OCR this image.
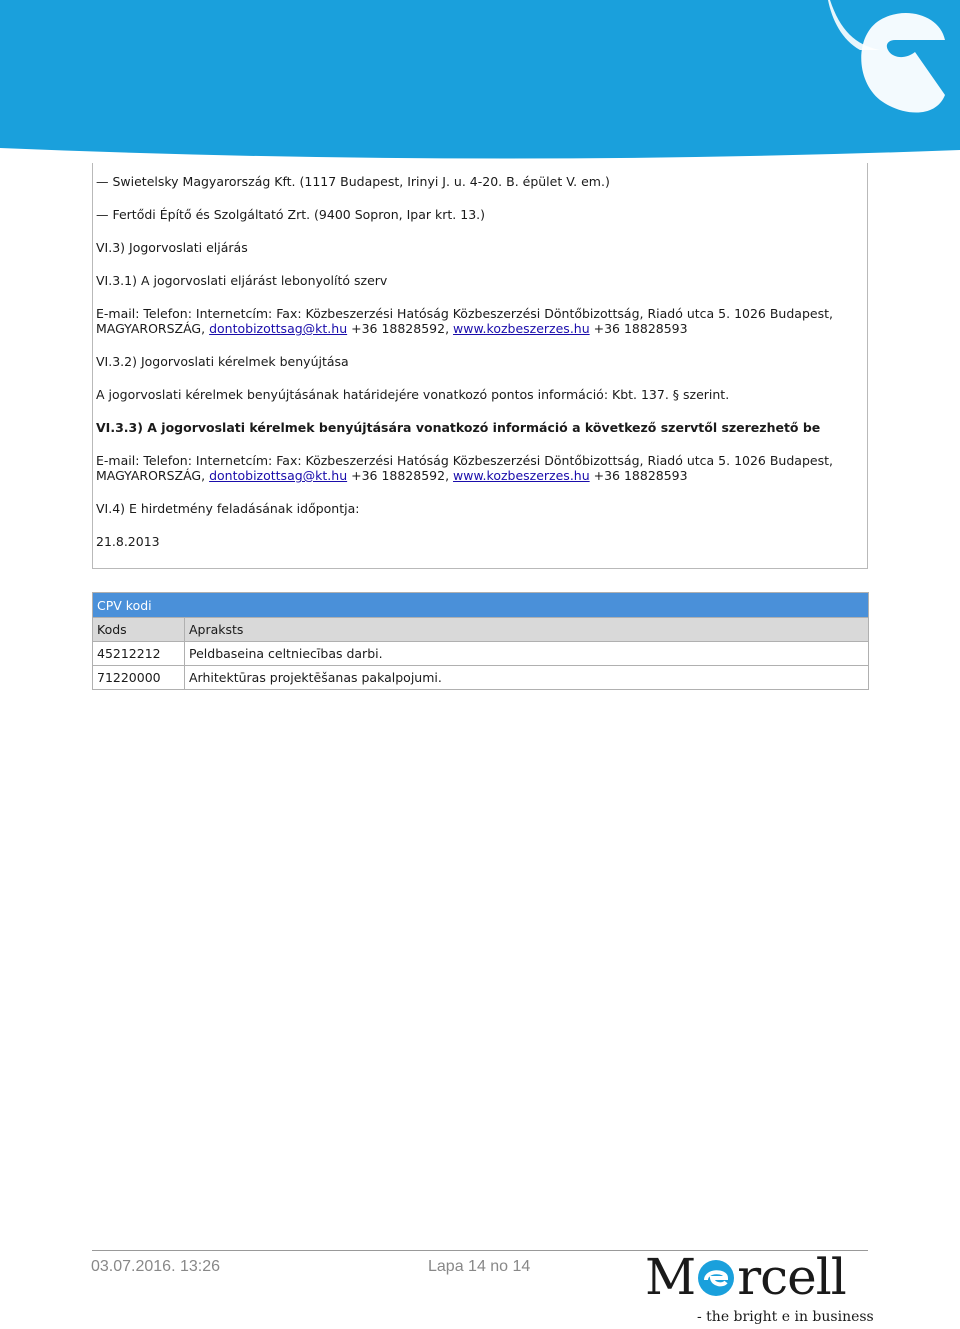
— Swietelsky Magyarország Kft. (1117 Budapest, Irinyi J. u. 4-20. B. épület V. em.)
— Fertődi Építő és Szolgáltató Zrt. (9400 Sopron, Ipar krt. 13.)
VI.3) Jogorvoslati eljárás
VI.3.1) A jogorvoslati eljárást lebonyolító szerv
E-mail: Telefon: Internetcím: Fax: Közbeszerzési Hatóság Közbeszerzési Döntőbizottság, Riadó utca 5. 1026 Budapest,
MAGYARORSZÁG, dontobizottsag@kt.hu +36 18828592, www.kozbeszerzes.hu +36 18828593
VI.3.2) Jogorvoslati kérelmek benyújtása
A jogorvoslati kérelmek benyújtásának határidejére vonatkozó pontos információ: Kbt. 137. § szerint.
VI.3.3) A jogorvoslati kérelmek benyújtására vonatkozó információ a következő szervtől szerezhető be
E-mail: Telefon: Internetcím: Fax: Közbeszerzési Hatóság Közbeszerzési Döntőbizottság, Riadó utca 5. 1026 Budapest,
MAGYARORSZÁG, dontobizottsag@kt.hu +36 18828592, www.kozbeszerzes.hu +36 18828593
VI.4) E hirdetmény feladásának időpontja:
21.8.2013
CPV kodi	
Kods	Apraksts
45212212	Peldbaseina celtniecības darbi.
71220000	Arhitektūras projektēšanas pakalpojumi.
03.07.2016. 13:26	Lapa 14 no 14 M rcell
- the bright e in business
